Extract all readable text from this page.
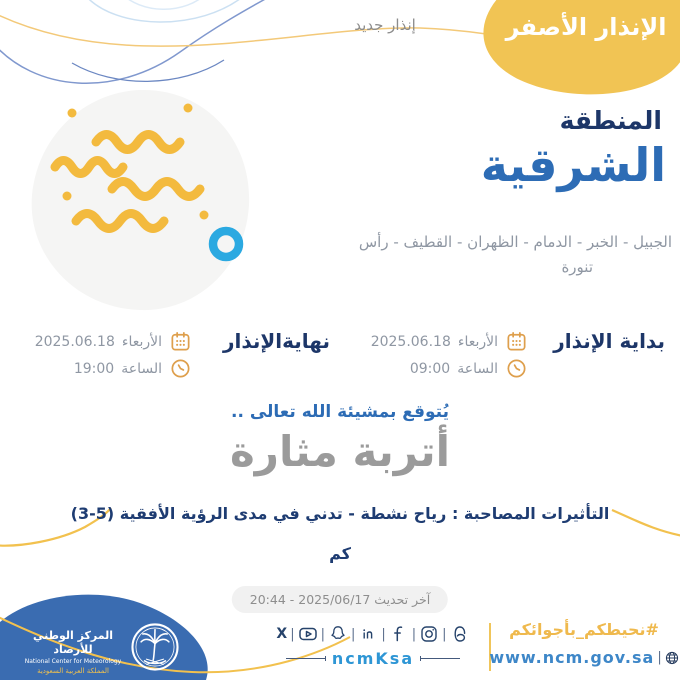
الإنذار الأصفر
إنذار جديد
المنطقة
الشرقية
الجبيل - الخبر - الدمام - الظهران - القطيف - رأس
تنورة
بداية الإنذار
الأربعاء
2025.06.18
الساعة
09:00
نهايةالإنذار
الأربعاء
2025.06.18
الساعة
19:00
يُتوقع بمشيئة الله تعالى ..
أتربة مثارة
التأثيرات المصاحبة : رياح نشطة - تدني في مدى الرؤية الأفقية (5-3)
كم
آخر تحديث 2025/06/17 - 20:44
المركز الوطني للأرصاد
National Center for Meteorology
المملكة العربية السعودية
X | | | | | |
ncmKsa
#نحيطكم_بأجوائكم
www.ncm.gov.sa |
